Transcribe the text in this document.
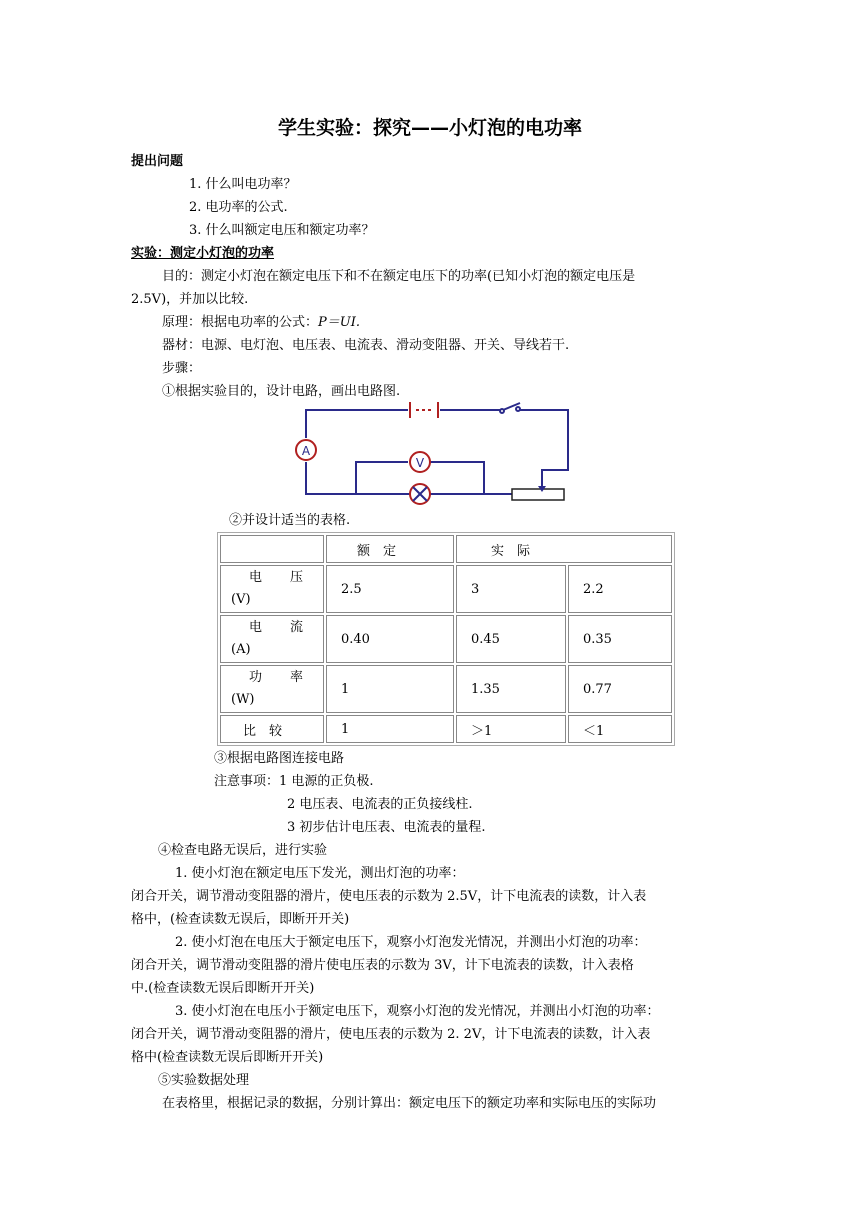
学生实验：探究——小灯泡的电功率
提出问题
1. 什么叫电功率？
2. 电功率的公式.
3. 什么叫额定电压和额定功率？
实验：测定小灯泡的功率
目的：测定小灯泡在额定电压下和不在额定电压下的功率(已知小灯泡的额定电压是
2.5V)，并加以比较.
原理：根据电功率的公式：P＝UI.
器材：电源、电灯泡、电压表、电流表、滑动变阻器、开关、导线若干.
步骤：
①根据实验目的，设计电路，画出电路图.
A
V
②并设计适当的表格.
	额　定	实　际	

电压
(V)	2.5	3	2.2

电流
(A)	0.40	0.45	0.35

功率
(W)	1	1.35	0.77
比　较	1	＞1	＜1
③根据电路图连接电路
注意事项：1 电源的正负极.
2 电压表、电流表的正负接线柱.
3 初步估计电压表、电流表的量程.
④检查电路无误后，进行实验
1. 使小灯泡在额定电压下发光，测出灯泡的功率：
闭合开关，调节滑动变阻器的滑片，使电压表的示数为 2.5V，计下电流表的读数，计入表
格中，(检查读数无误后，即断开开关)
2. 使小灯泡在电压大于额定电压下，观察小灯泡发光情况，并测出小灯泡的功率：
闭合开关，调节滑动变阻器的滑片使电压表的示数为 3V，计下电流表的读数，计入表格
中.(检查读数无误后即断开开关)
3. 使小灯泡在电压小于额定电压下，观察小灯泡的发光情况，并测出小灯泡的功率：
闭合开关，调节滑动变阻器的滑片，使电压表的示数为 2. 2V，计下电流表的读数，计入表
格中(检查读数无误后即断开开关)
⑤实验数据处理
在表格里，根据记录的数据，分别计算出：额定电压下的额定功率和实际电压的实际功
